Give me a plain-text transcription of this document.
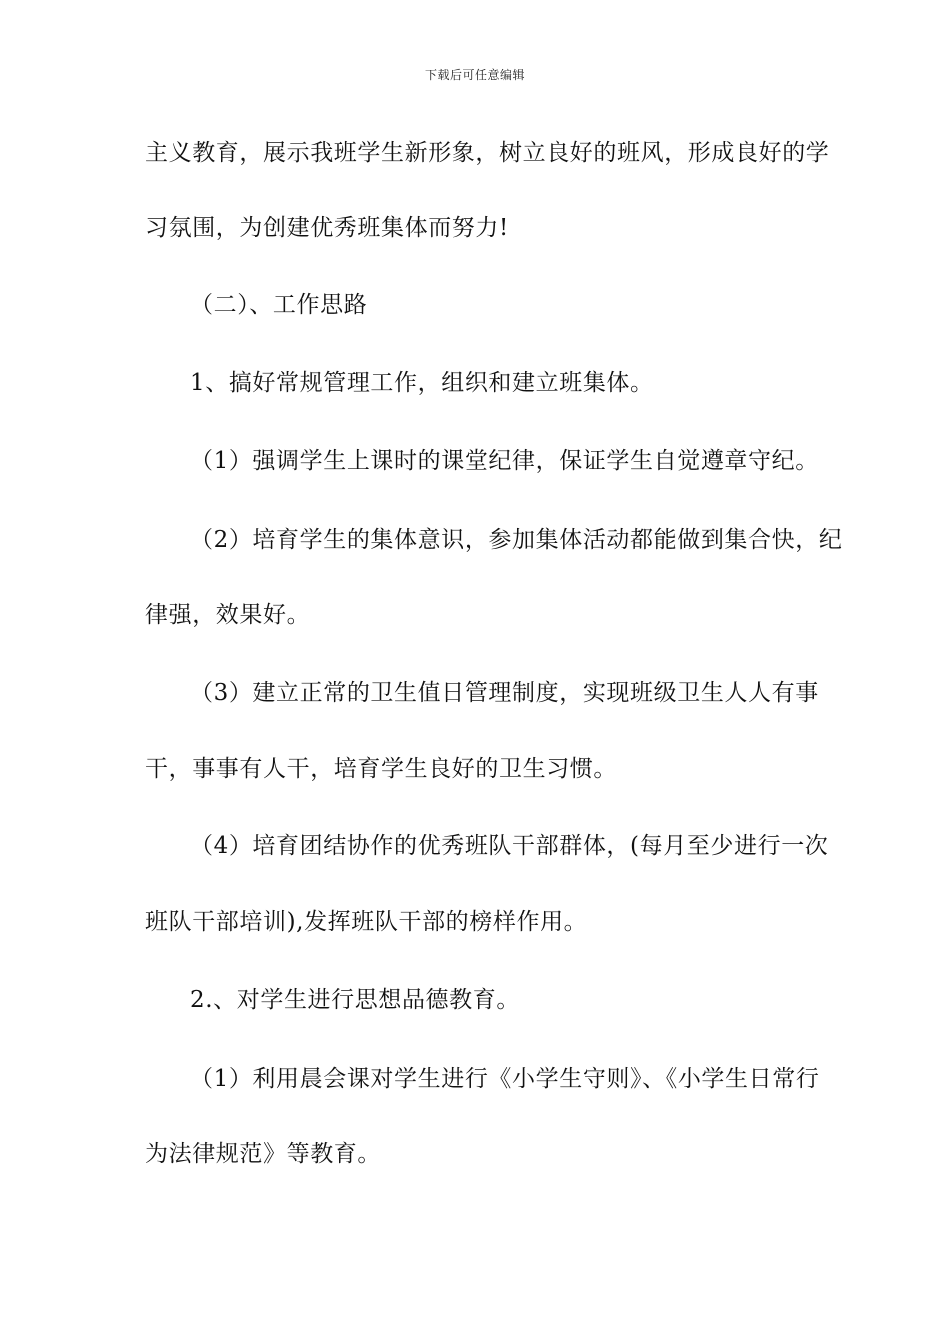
下载后可任意编辑
主义教育，展示我班学生新形象，树立良好的班风，形成良好的学
习氛围，为创建优秀班集体而努力!
（二）、工作思路
1、搞好常规管理工作，组织和建立班集体。
（1）强调学生上课时的课堂纪律，保证学生自觉遵章守纪。
（2）培育学生的集体意识，参加集体活动都能做到集合快，纪
律强，效果好。
（3）建立正常的卫生值日管理制度，实现班级卫生人人有事
干，事事有人干，培育学生良好的卫生习惯。
（4）培育团结协作的优秀班队干部群体，(每月至少进行一次
班队干部培训),发挥班队干部的榜样作用。
2.、对学生进行思想品德教育。
（1）利用晨会课对学生进行《小学生守则》、《小学生日常行
为法律规范》等教育。
